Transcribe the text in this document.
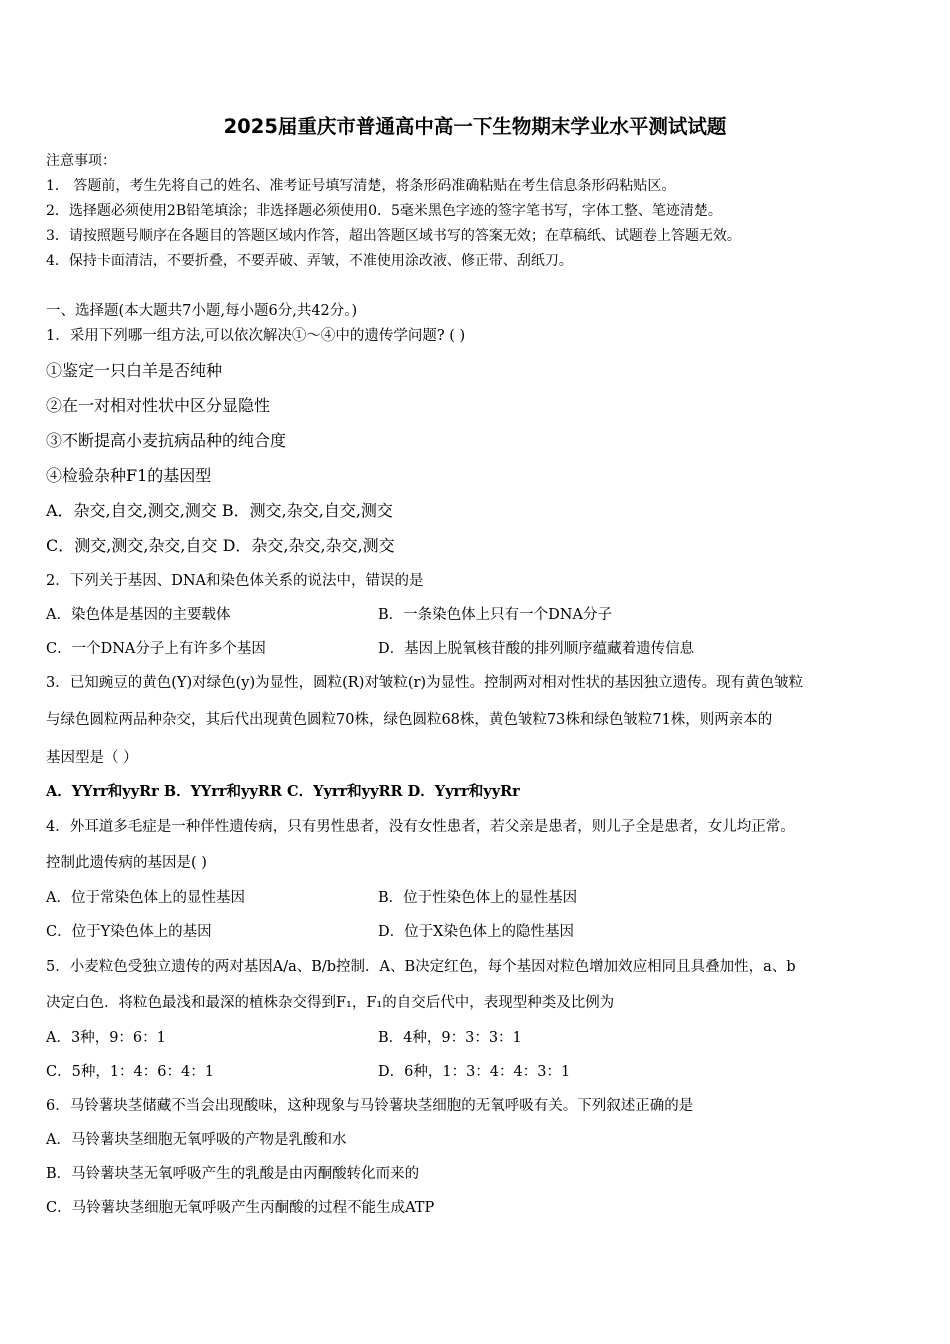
2025届重庆市普通高中高一下生物期末学业水平测试试题
注意事项：
1． 答题前，考生先将自己的姓名、准考证号填写清楚，将条形码准确粘贴在考生信息条形码粘贴区。
2．选择题必须使用2B铅笔填涂；非选择题必须使用0．5毫米黑色字迹的签字笔书写，字体工整、笔迹清楚。
3．请按照题号顺序在各题目的答题区域内作答，超出答题区域书写的答案无效；在草稿纸、试题卷上答题无效。
4．保持卡面清洁，不要折叠，不要弄破、弄皱，不准使用涂改液、修正带、刮纸刀。
一、选择题(本大题共7小题,每小题6分,共42分。)
1．采用下列哪一组方法,可以依次解决①～④中的遗传学问题? ( )
①鉴定一只白羊是否纯种
②在一对相对性状中区分显隐性
③不断提高小麦抗病品种的纯合度
④检验杂种F1的基因型
A．杂交,自交,测交,测交 B．测交,杂交,自交,测交
C．测交,测交,杂交,自交 D．杂交,杂交,杂交,测交
2．下列关于基因、DNA和染色体关系的说法中，错误的是
A．染色体是基因的主要载体	B．一条染色体上只有一个DNA分子
C．一个DNA分子上有许多个基因	D．基因上脱氧核苷酸的排列顺序蕴藏着遗传信息
3．已知豌豆的黄色(Y)对绿色(y)为显性，圆粒(R)对皱粒(r)为显性。控制两对相对性状的基因独立遗传。现有黄色皱粒
与绿色圆粒两品种杂交，其后代出现黄色圆粒70株，绿色圆粒68株，黄色皱粒73株和绿色皱粒71株，则两亲本的
基因型是（ ）
A．YYrr和yyRr B．YYrr和yyRR C．Yyrr和yyRR D．Yyrr和yyRr
4．外耳道多毛症是一种伴性遗传病，只有男性患者，没有女性患者，若父亲是患者，则儿子全是患者，女儿均正常。
控制此遗传病的基因是( )
A．位于常染色体上的显性基因	B．位于性染色体上的显性基因
C．位于Y染色体上的基因	D．位于X染色体上的隐性基因
5．小麦粒色受独立遗传的两对基因A/a、B/b控制．A、B决定红色，每个基因对粒色增加效应相同且具叠加性，a、b
决定白色．将粒色最浅和最深的植株杂交得到F₁，F₁的自交后代中，表现型种类及比例为
A．3种，9：6：1	B．4种，9：3：3：1
C．5种，1：4：6：4：1	D．6种，1：3：4：4：3：1
6．马铃薯块茎储藏不当会出现酸味，这种现象与马铃薯块茎细胞的无氧呼吸有关。下列叙述正确的是
A．马铃薯块茎细胞无氧呼吸的产物是乳酸和水
B．马铃薯块茎无氧呼吸产生的乳酸是由丙酮酸转化而来的
C．马铃薯块茎细胞无氧呼吸产生丙酮酸的过程不能生成ATP
